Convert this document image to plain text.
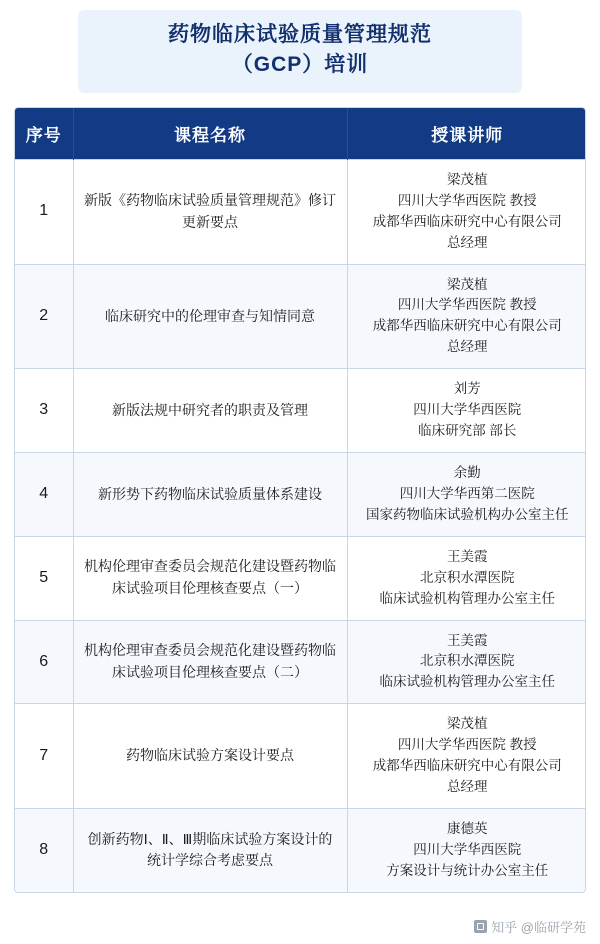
药物临床试验质量管理规范
（GCP）培训
序号	课程名称	授课讲师
1	新版《药物临床试验质量管理规范》修订更新要点	梁茂植
四川大学华西医院 教授
成都华西临床研究中心有限公司
总经理

2	临床研究中的伦理审查与知情同意	梁茂植
四川大学华西医院 教授
成都华西临床研究中心有限公司
总经理

3	新版法规中研究者的职责及管理	刘芳
四川大学华西医院
临床研究部 部长

4	新形势下药物临床试验质量体系建设	余勤
四川大学华西第二医院
国家药物临床试验机构办公室主任

5	机构伦理审查委员会规范化建设暨药物临床试验项目伦理核查要点（一）	王美霞
北京积水潭医院
临床试验机构管理办公室主任

6	机构伦理审查委员会规范化建设暨药物临床试验项目伦理核查要点（二）	王美霞
北京积水潭医院
临床试验机构管理办公室主任

7	药物临床试验方案设计要点	梁茂植
四川大学华西医院 教授
成都华西临床研究中心有限公司
总经理

8	创新药物Ⅰ、Ⅱ、Ⅲ期临床试验方案设计的统计学综合考虑要点	康德英
四川大学华西医院
方案设计与统计办公室主任
知乎 @临研学苑
